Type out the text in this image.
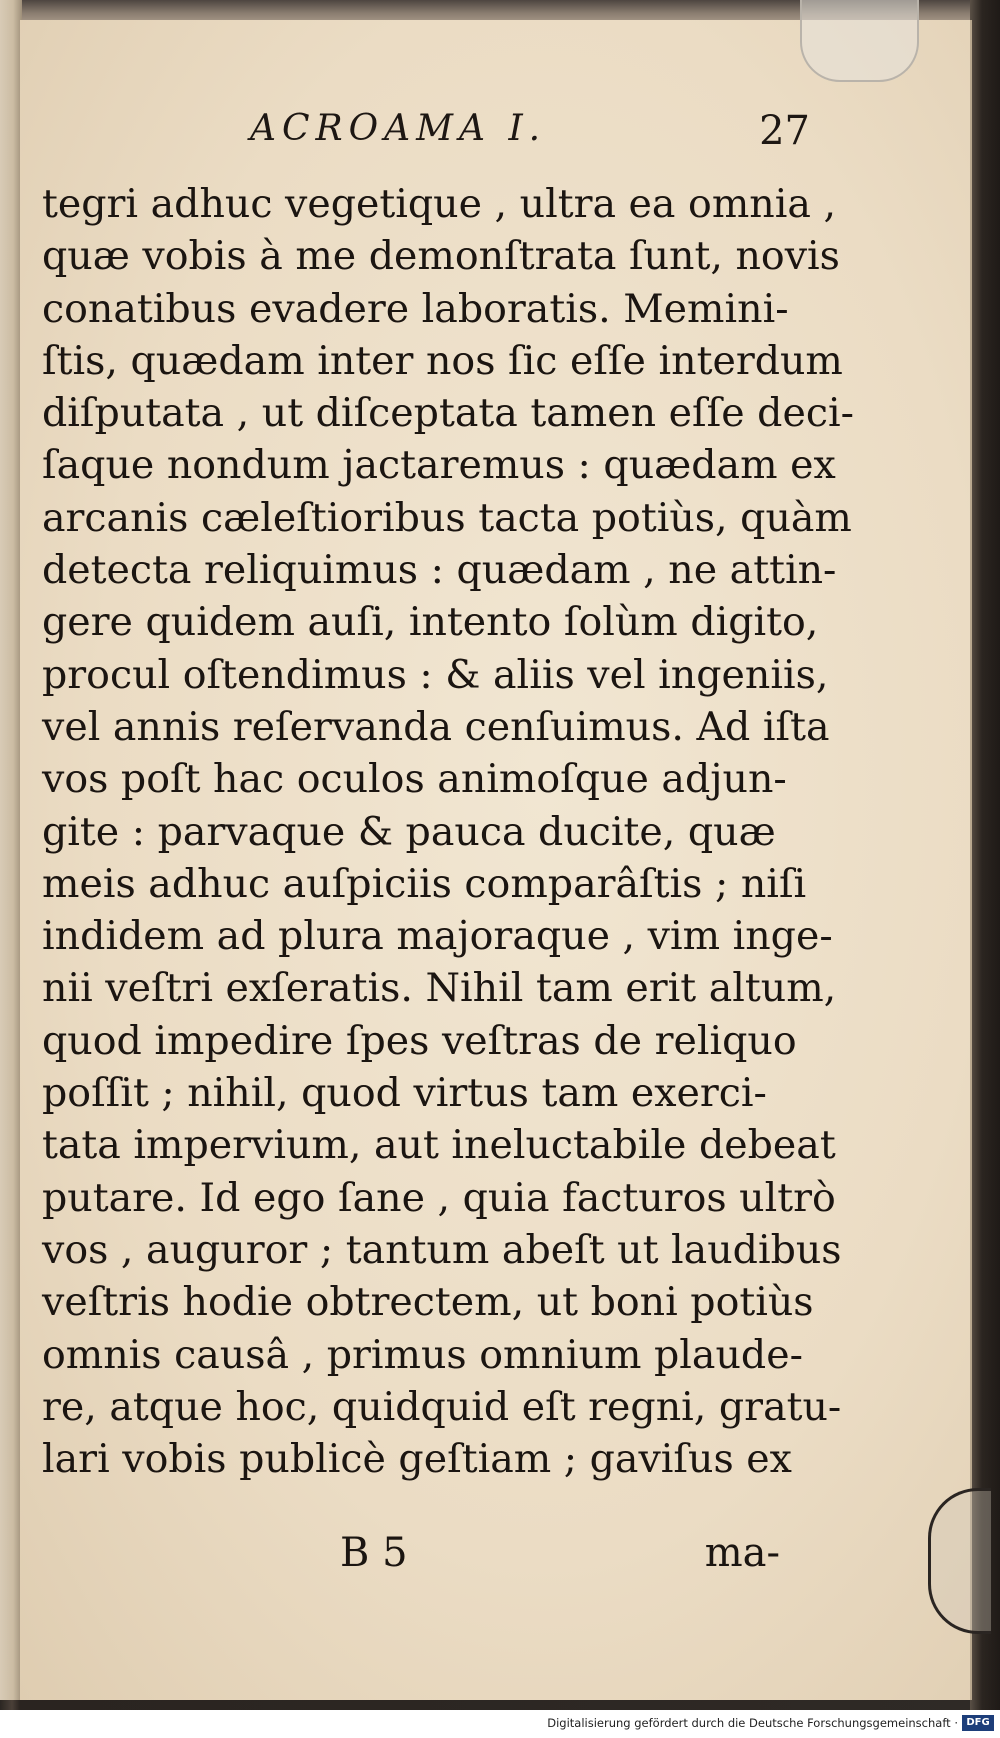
ACROAMA I.	27
tegri adhuc vegetique , ultra ea omnia ,
quæ vobis à me demonſtrata ſunt, novis
conatibus evadere laboratis. Memini-
ſtis, quædam inter nos ſic eſſe interdum
diſputata , ut diſceptata tamen eſſe deci-
ſaque nondum jactaremus : quædam ex
arcanis cæleſtioribus tacta potiùs, quàm
detecta reliquimus : quædam , ne attin-
gere quidem auſi, intento ſolùm digito,
procul oſtendimus : & aliis vel ingeniis,
vel annis reſervanda cenſuimus. Ad iſta
vos poſt hac oculos animoſque adjun-
gite : parvaque & pauca ducite, quæ
meis adhuc auſpiciis comparâſtis ; niſi
indidem ad plura majoraque , vim inge-
nii veſtri exſeratis. Nihil tam erit altum,
quod impedire ſpes veſtras de reliquo
poſſit ; nihil, quod virtus tam exerci-
tata impervium, aut ineluctabile debeat
putare. Id ego ſane , quia facturos ultrò
vos , auguror ; tantum abeſt ut laudibus
veſtris hodie obtrectem, ut boni potiùs
omnis causâ , primus omnium plaude-
re, atque hoc, quidquid eſt regni, gratu-
lari vobis publicè geſtiam ; gaviſus ex
B 5	ma-
Digitalisierung gefördert durch die Deutsche Forschungsgemeinschaft · DFG
